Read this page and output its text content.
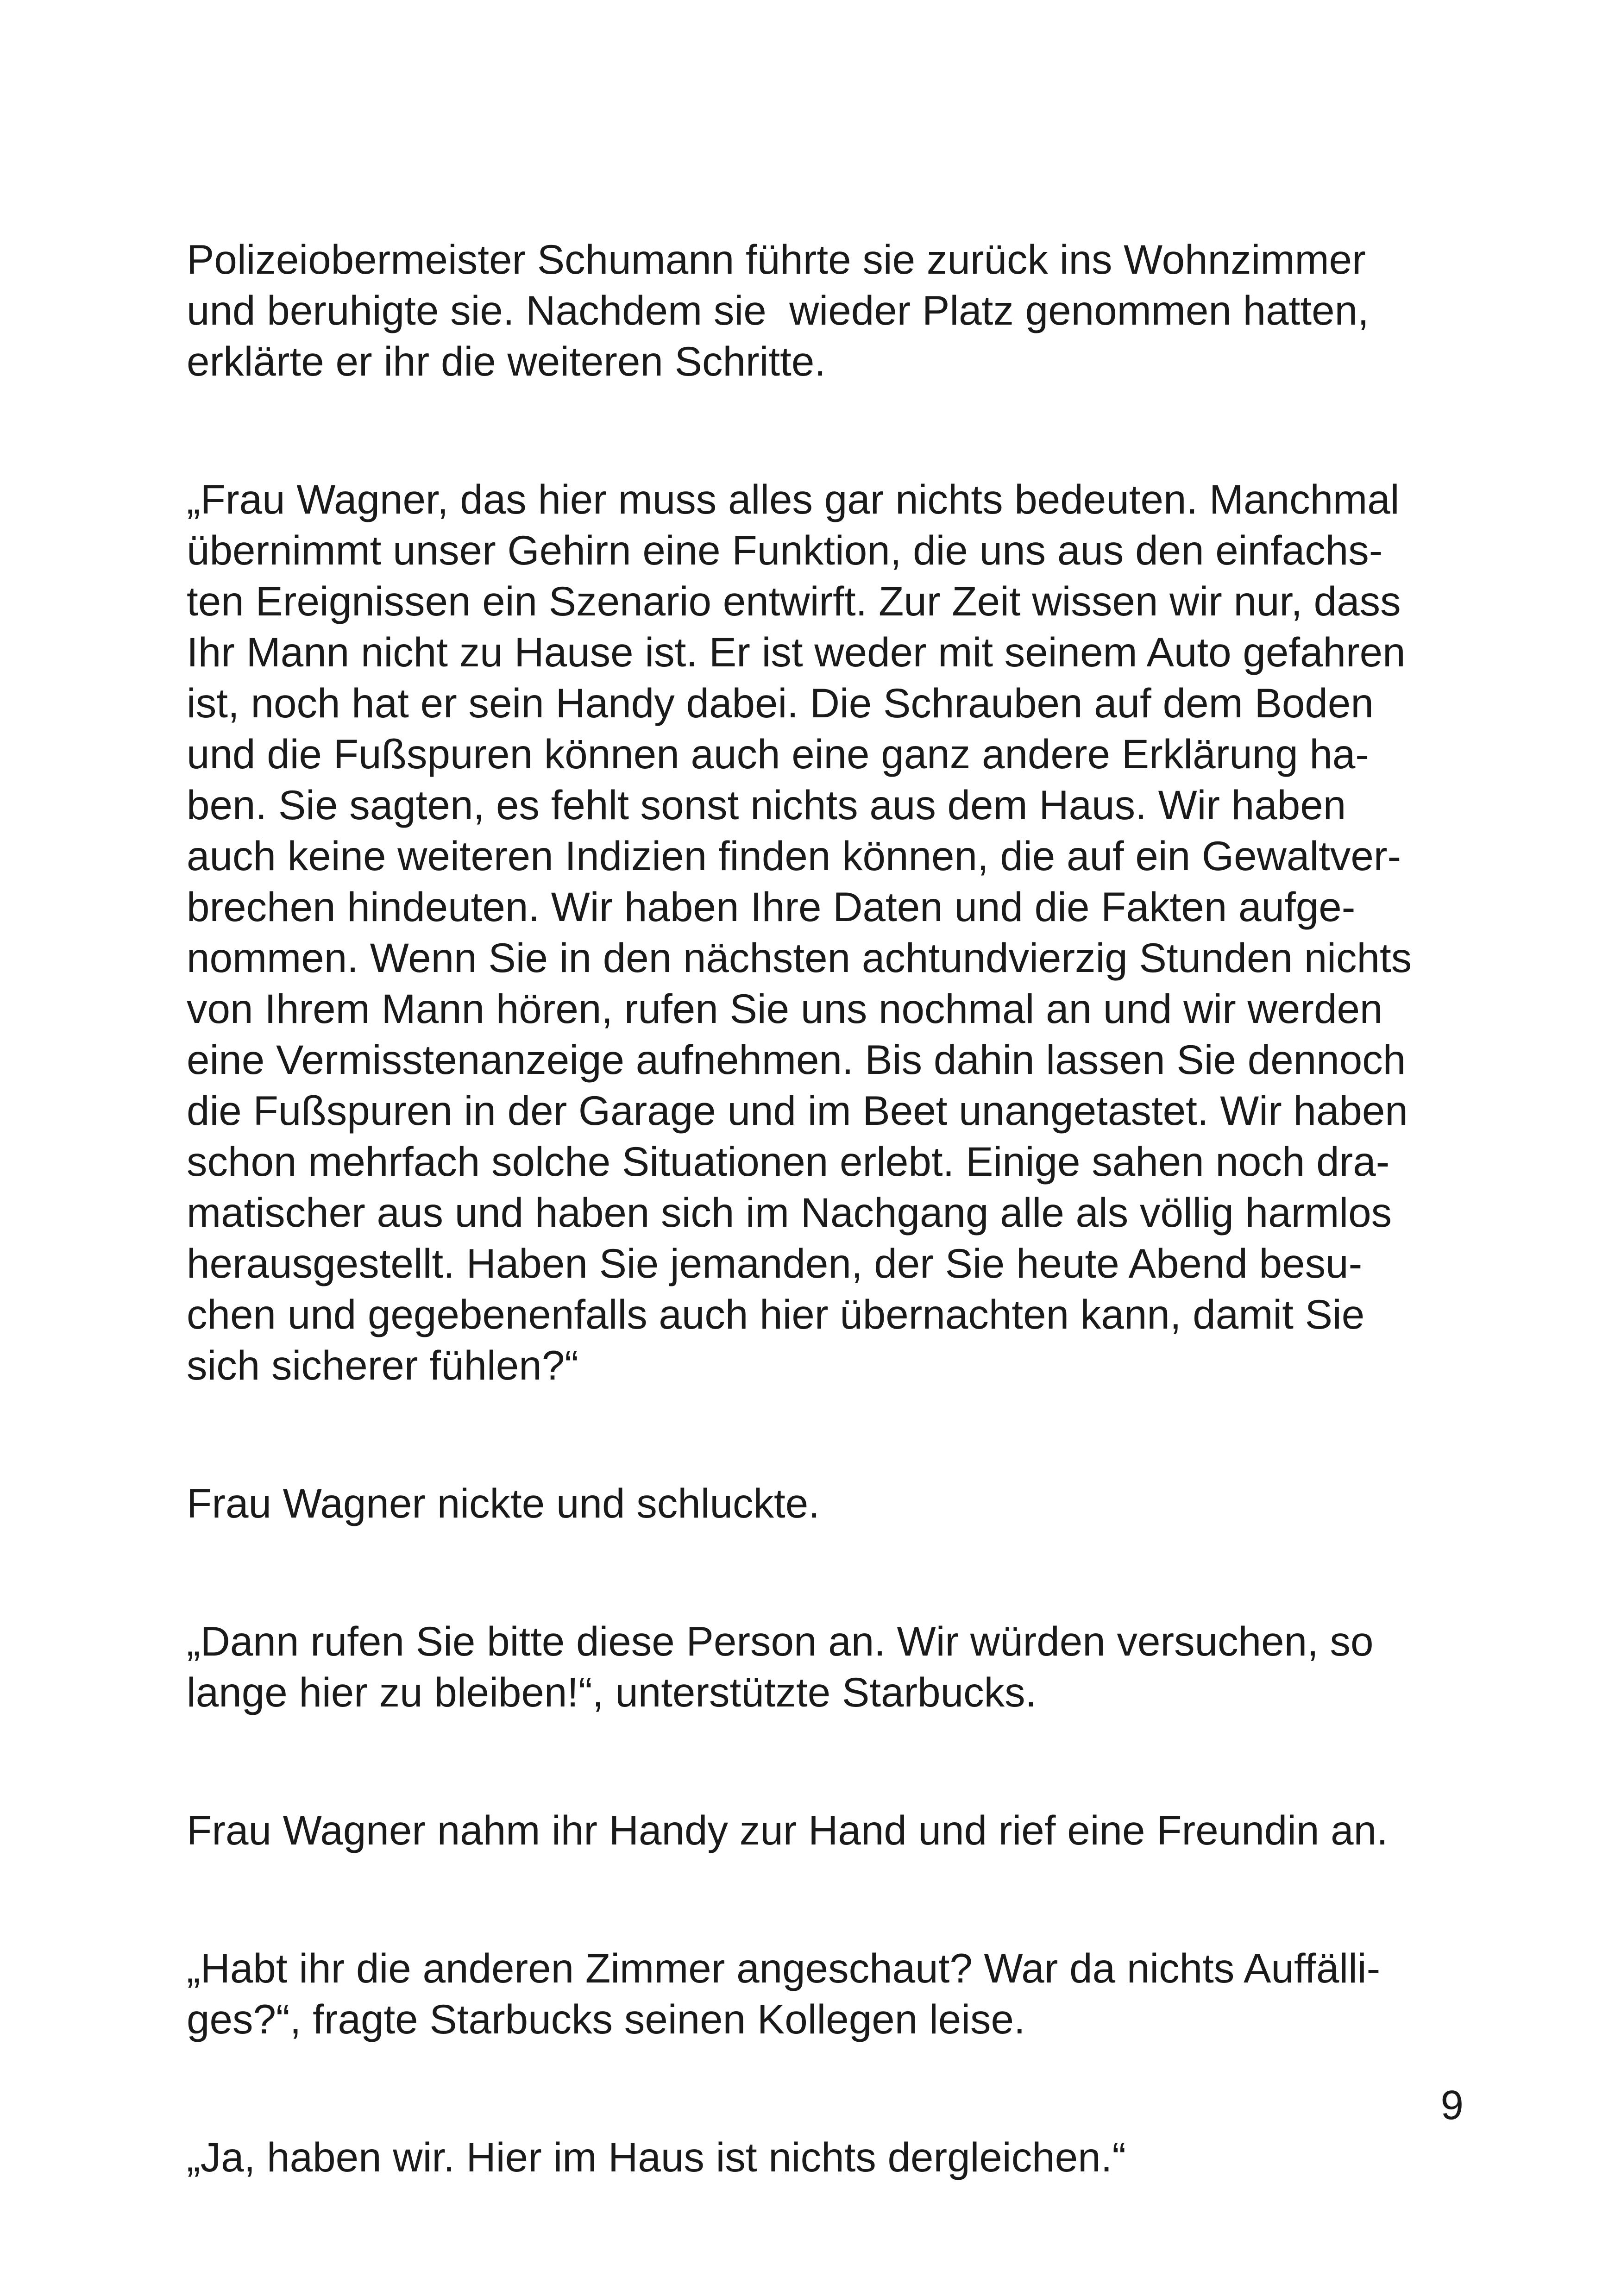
Polizeiobermeister Schumann führte sie zurück ins Wohnzimmer
und beruhigte sie. Nachdem sie  wieder Platz genommen hatten,
erklärte er ihr die weiteren Schritte.
„Frau Wagner, das hier muss alles gar nichts bedeuten. Manchmal
übernimmt unser Gehirn eine Funktion, die uns aus den einfachs-
ten Ereignissen ein Szenario entwirft. Zur Zeit wissen wir nur, dass
Ihr Mann nicht zu Hause ist. Er ist weder mit seinem Auto gefahren
ist, noch hat er sein Handy dabei. Die Schrauben auf dem Boden
und die Fußspuren können auch eine ganz andere Erklärung ha-
ben. Sie sagten, es fehlt sonst nichts aus dem Haus. Wir haben
auch keine weiteren Indizien finden können, die auf ein Gewaltver-
brechen hindeuten. Wir haben Ihre Daten und die Fakten aufge-
nommen. Wenn Sie in den nächsten achtundvierzig Stunden nichts
von Ihrem Mann hören, rufen Sie uns nochmal an und wir werden
eine Vermisstenanzeige aufnehmen. Bis dahin lassen Sie dennoch
die Fußspuren in der Garage und im Beet unangetastet. Wir haben
schon mehrfach solche Situationen erlebt. Einige sahen noch dra-
matischer aus und haben sich im Nachgang alle als völlig harmlos
herausgestellt. Haben Sie jemanden, der Sie heute Abend besu-
chen und gegebenenfalls auch hier übernachten kann, damit Sie
sich sicherer fühlen?“
Frau Wagner nickte und schluckte.
„Dann rufen Sie bitte diese Person an. Wir würden versuchen, so
lange hier zu bleiben!“, unterstützte Starbucks.
Frau Wagner nahm ihr Handy zur Hand und rief eine Freundin an.
„Habt ihr die anderen Zimmer angeschaut? War da nichts Auffälli-
ges?“, fragte Starbucks seinen Kollegen leise.
„Ja, haben wir. Hier im Haus ist nichts dergleichen.“
9
